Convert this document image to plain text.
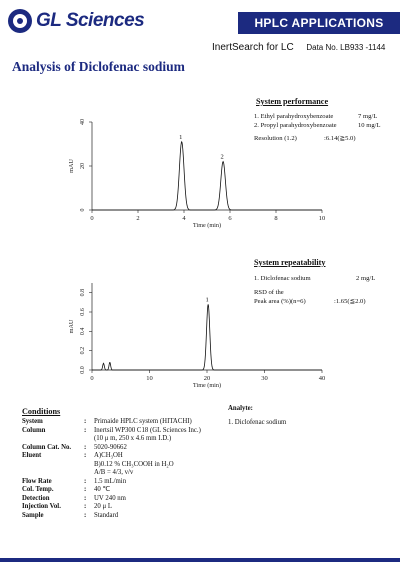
GL Sciences	HPLC APPLICATIONS
InertSearch for LC Data No. LB933 -1144
Analysis of Diclofenac sodium
System performance
1. Ethyl parahydroxybenzoate	7 mg/L
2. Propyl parahydroxybenzoate	10 mg/L
Resolution (1.2)	:6.14(≧5.0)
0	2	4	6	8	10
0
20
40
Time (min)
mAU
1
2
0	10	20	30	40
0.0
0.2
0.4
0.6
0.8
Time (min)
mAU
1
System repeatability
1. Diclofenac sodium	2 mg/L
RSD of the
Peak area (%)(n=6)	:1.65(≦2.0)
Conditions
System	:	Primaide HPLC system (HITACHI)
Column	:	Inertsil WP300 C18 (GL Sciences Inc.)
(10 μ m, 250 x 4.6 mm I.D.)
Column Cat. No.	:	5020-90662
Eluent	:	A)CH₃OH
B)0.12 % CH₃COOH in H₂O
A/B = 4/3, v/v
Flow Rate	:	1.5 mL/min
Col. Temp.	:	40 ℃
Detection	:	UV 240 nm
Injection Vol.	:	20 μ L
Sample	:	Standard
Analyte:
1. Diclofenac sodium
